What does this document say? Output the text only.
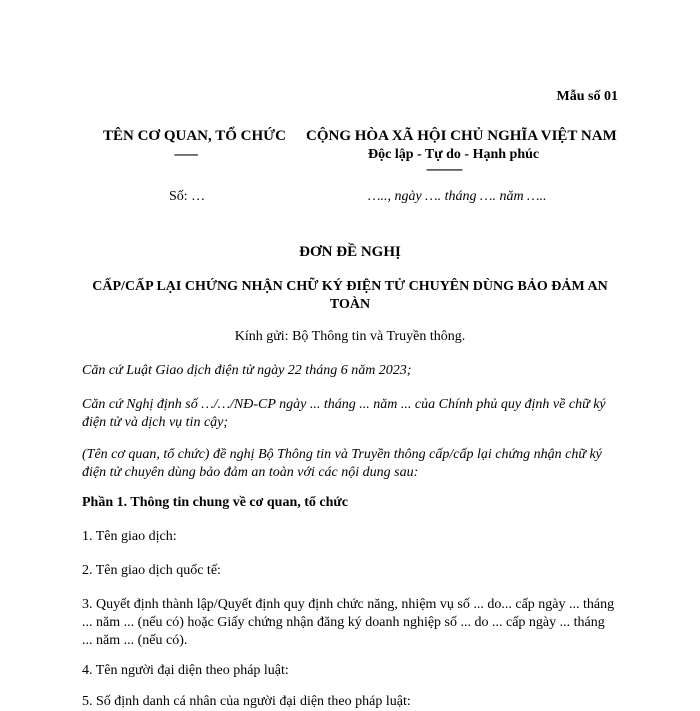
Mẫu số 01
TÊN CƠ QUAN, TỔ CHỨC
-------
CỘNG HÒA XÃ HỘI CHỦ NGHĨA VIỆT NAM
Độc lập - Tự do - Hạnh phúc
---------------
Số: …	….., ngày …. tháng …. năm …..
ĐƠN ĐỀ NGHỊ
CẤP/CẤP LẠI CHỨNG NHẬN CHỮ KÝ ĐIỆN TỬ CHUYÊN DÙNG BẢO ĐẢM AN TOÀN
Kính gửi: Bộ Thông tin và Truyền thông.
Căn cứ Luật Giao dịch điện tử ngày 22 tháng 6 năm 2023;
Căn cứ Nghị định số …/…/NĐ-CP ngày ... tháng ... năm ... của Chính phủ quy định về chữ ký điện tử và dịch vụ tin cậy;
(Tên cơ quan, tổ chức) đề nghị Bộ Thông tin và Truyền thông cấp/cấp lại chứng nhận chữ ký điện tử chuyên dùng bảo đảm an toàn với các nội dung sau:
Phần 1. Thông tin chung về cơ quan, tổ chức
1. Tên giao dịch:
2. Tên giao dịch quốc tế:
3. Quyết định thành lập/Quyết định quy định chức năng, nhiệm vụ số ... do... cấp ngày ... tháng ... năm ... (nếu có) hoặc Giấy chứng nhận đăng ký doanh nghiệp số ... do ... cấp ngày ... tháng ... năm ... (nếu có).
4. Tên người đại diện theo pháp luật:
5. Số định danh cá nhân của người đại diện theo pháp luật:
